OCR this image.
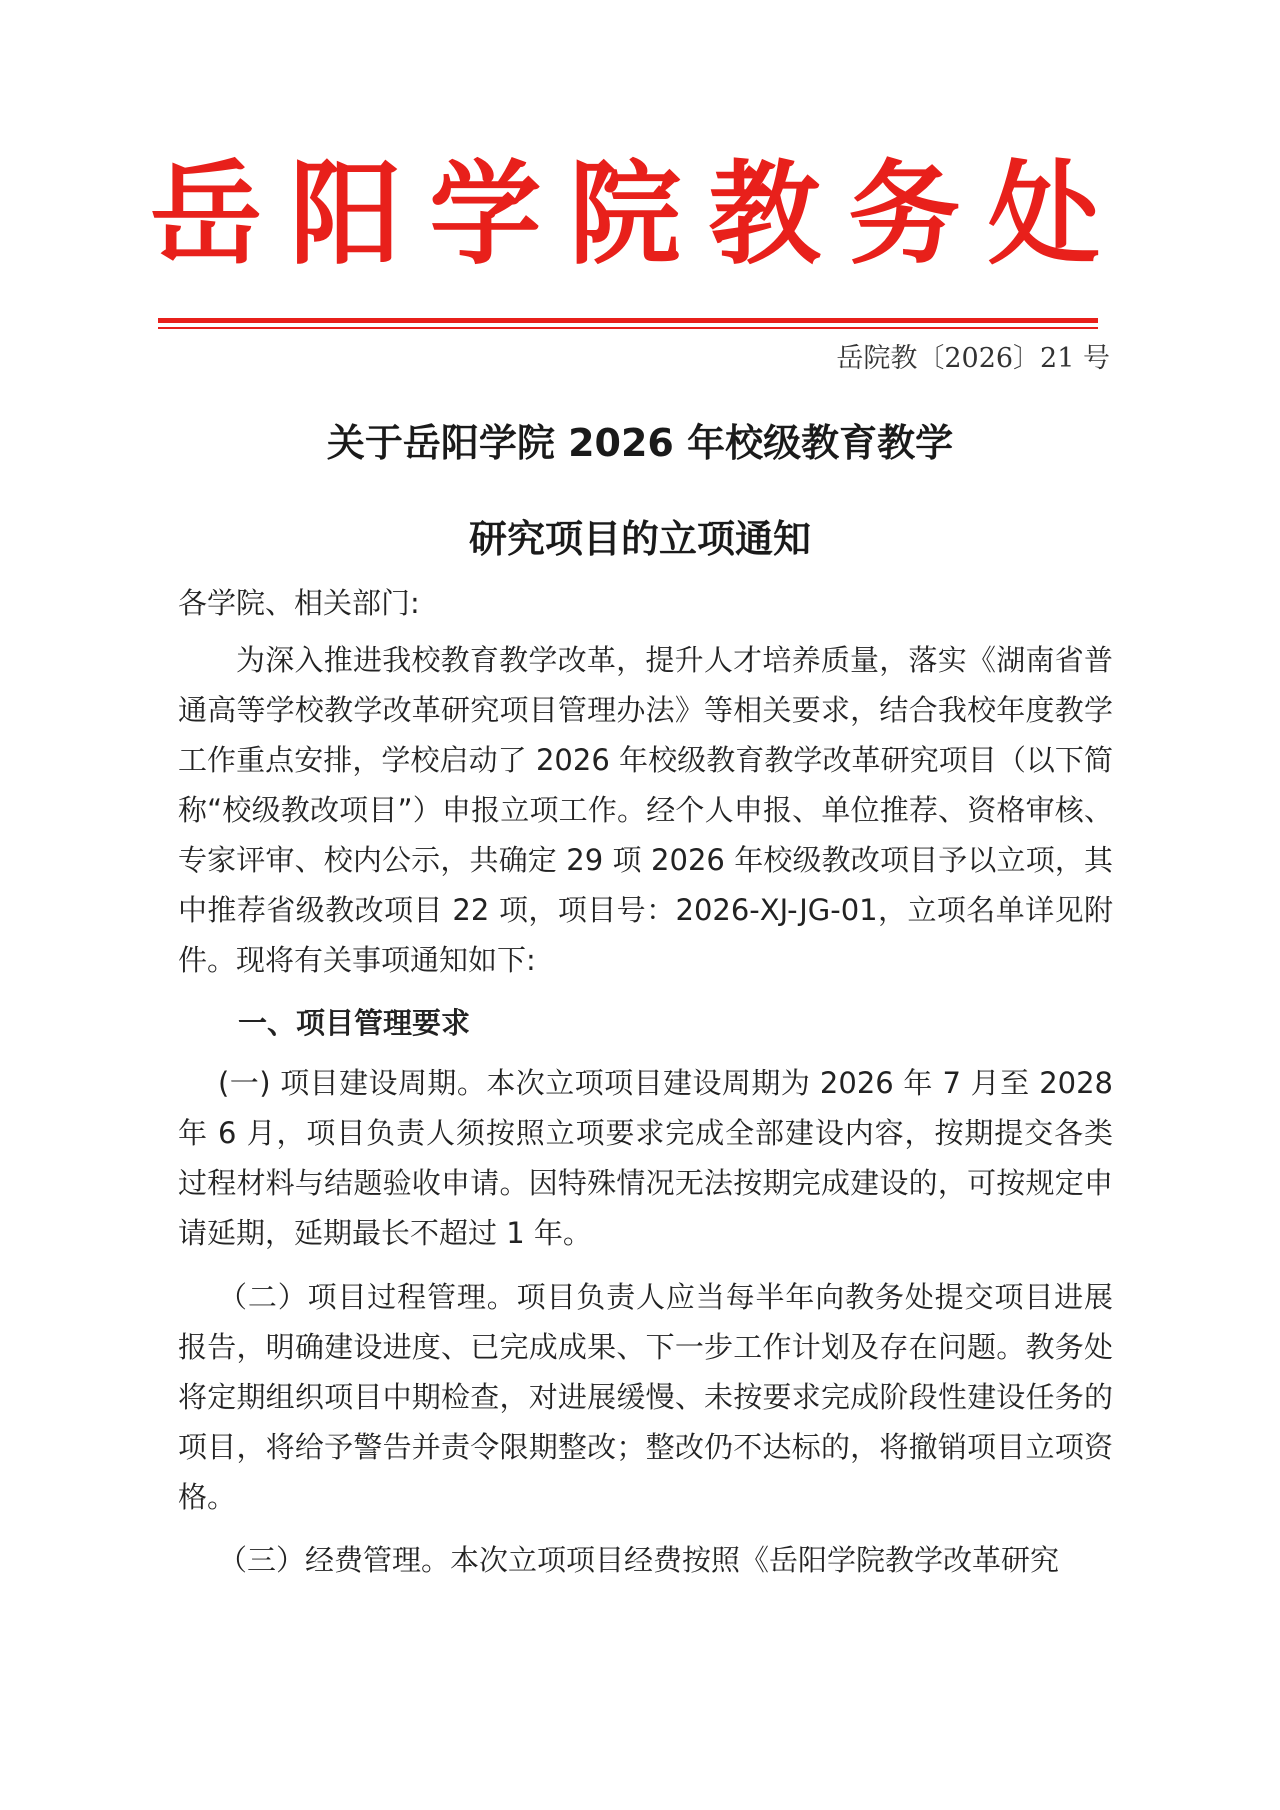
岳 阳 学 院 教 务 处
岳院教〔2026〕21 号
关于岳阳学院 2026 年校级教育教学
研究项目的立项通知
各学院、相关部门:
为深入推进我校教育教学改革，提升人才培养质量，落实《湖南省普通高等学校教学改革研究项目管理办法》等相关要求，结合我校年度教学工作重点安排，学校启动了 2026 年校级教育教学改革研究项目（以下简称“校级教改项目”）申报立项工作。经个人申报、单位推荐、资格审核、专家评审、校内公示，共确定 29 项 2026 年校级教改项目予以立项，其中推荐省级教改项目 22 项，项目号：2026-XJ-JG-01，立项名单详见附件。现将有关事项通知如下:
一、项目管理要求
(一) 项目建设周期。本次立项项目建设周期为 2026 年 7 月至 2028 年 6 月，项目负责人须按照立项要求完成全部建设内容，按期提交各类过程材料与结题验收申请。因特殊情况无法按期完成建设的，可按规定申请延期，延期最长不超过 1 年。
（二）项目过程管理。项目负责人应当每半年向教务处提交项目进展报告，明确建设进度、已完成成果、下一步工作计划及存在问题。教务处将定期组织项目中期检查，对进展缓慢、未按要求完成阶段性建设任务的项目，将给予警告并责令限期整改；整改仍不达标的，将撤销项目立项资格。
（三）经费管理。本次立项项目经费按照《岳阳学院教学改革研究
